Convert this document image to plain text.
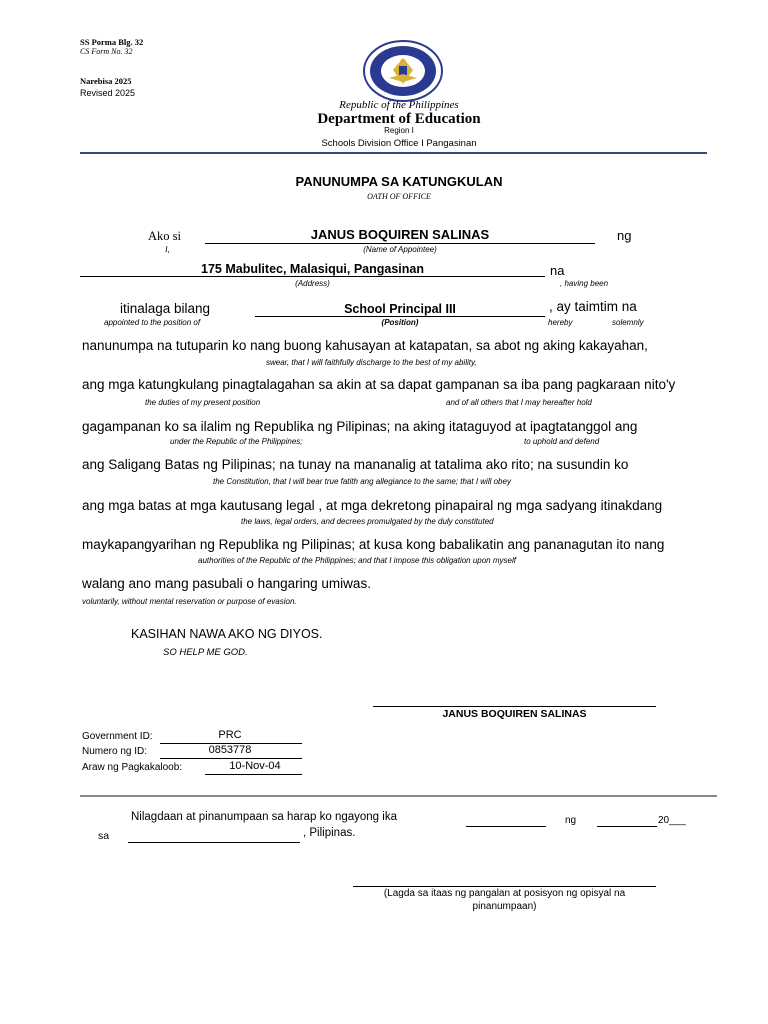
SS Porma Blg. 32
CS Form No. 32
Narebisa 2025
Revised 2025
Republic of the Philippines
Department of Education
Region I
Schools Division Office I Pangasinan
PANUNUMPA SA KATUNGKULAN
OATH OF OFFICE
Ako si	JANUS BOQUIREN SALINAS	ng
I,	(Name of Appointee)
175 Mabulitec, Malasiqui, Pangasinan	na
(Address)	, having been
itinalaga bilang	School Principal III	, ay taimtim na
appointed to the position of	(Position)	hereby	solemnly
nanunumpa na tutuparin ko nang buong kahusayan at katapatan, sa abot ng aking kakayahan,
swear, that I will faithfully discharge to the best of my ability,
ang mga katungkulang pinagtalagahan sa akin at sa dapat gampanan sa iba pang pagkaraan nito'y
the duties of my present position	and of all others that I may hereafter hold
gagampanan ko sa ilalim ng Republika ng Pilipinas; na aking itataguyod at ipagtatanggol ang
under the Republic of the Philippines;	to uphold and defend
ang Saligang Batas ng Pilipinas; na tunay na mananalig at tatalima ako rito; na susundin ko
the Constitution, that I will bear true fatith ang allegiance to the same; that I will obey
ang mga batas at mga kautusang legal , at mga dekretong pinapairal ng mga sadyang itinakdang
the laws, legal orders, and decrees promulgated by the duly constituted
maykapangyarihan ng Republika ng Pilipinas; at kusa kong babalikatin ang pananagutan ito nang
authorities of the Republic of the Philippines; and that I impose this obligation upon myself
walang ano mang pasubali o hangaring umiwas.
voluntarily, without mental reservation or purpose of evasion.
KASIHAN NAWA AKO NG DIYOS.
SO HELP ME GOD.
JANUS BOQUIREN SALINAS
Government ID:	PRC
Numero ng ID:	0853778
Araw ng Pagkakaloob:	10-Nov-04
Nilagdaan at pinanumpaan sa harap ko ngayong ika	ng	20___
sa	, Pilipinas.
(Lagda sa itaas ng pangalan at posisyon ng opisyal na
pinanumpaan)
